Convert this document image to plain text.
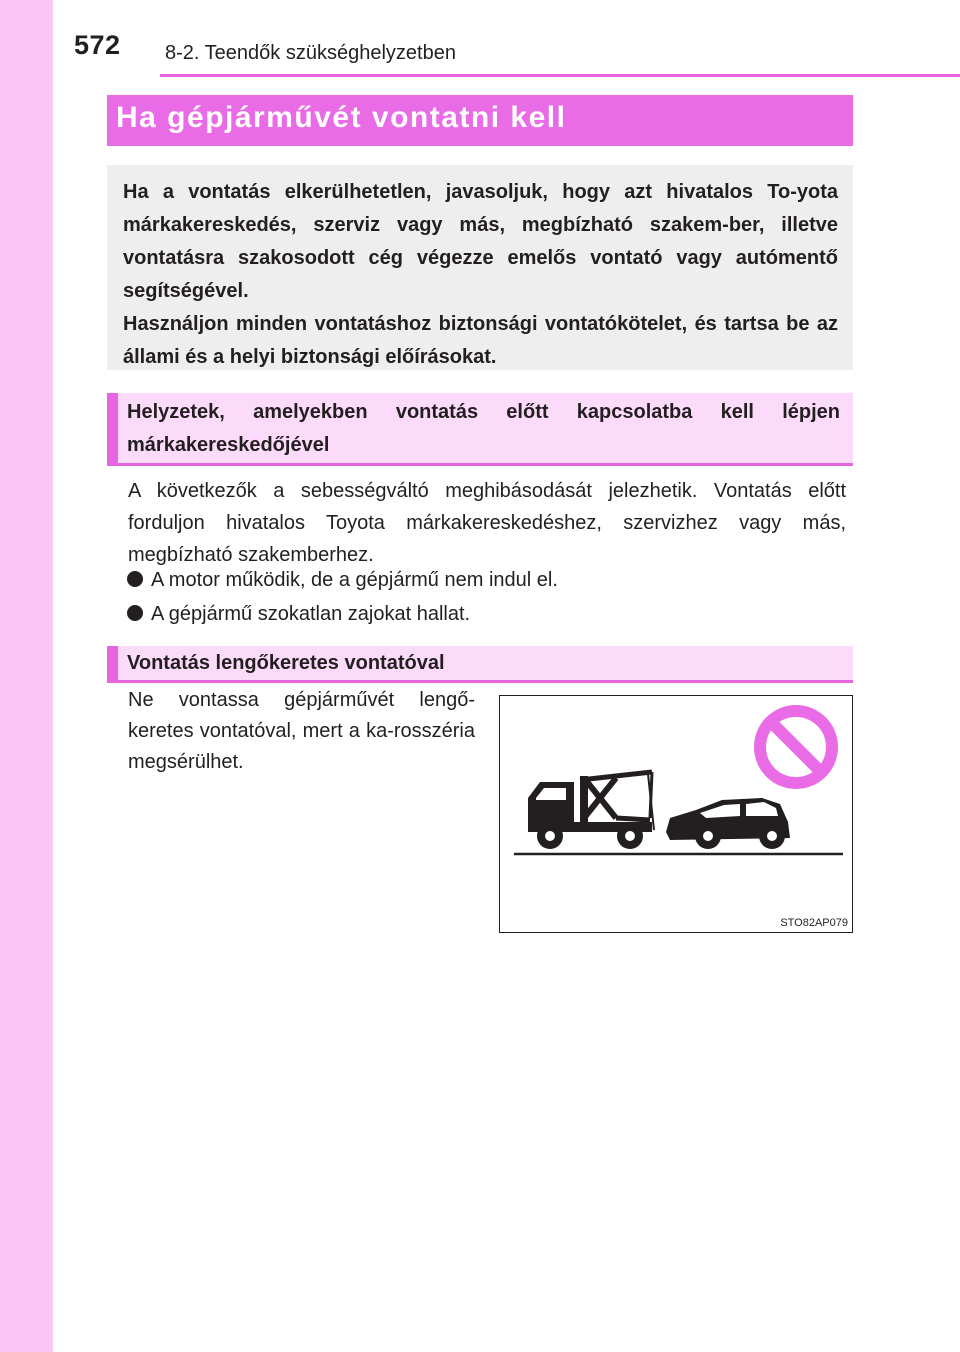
572 8-2. Teendők szükséghelyzetben
Ha gépjárművét vontatni kell

Ha a vontatás elkerülhetetlen, javasoljuk, hogy azt hivatalos To-yota márkakereskedés, szerviz vagy más, megbízható szakem-ber, illetve vontatásra szakosodott cég végezze emelős vontató vagy autómentő segítségével.

Használjon minden vontatáshoz biztonsági vontatókötelet, és tartsa be az állami és a helyi biztonsági előírásokat.

Helyzetek, amelyekben vontatás előtt kapcsolatba kell lépjen márkakereskedőjével

A következők a sebességváltó meghibásodását jelezhetik. Vontatás előtt forduljon hivatalos Toyota márkakereskedéshez, szervizhez vagy más, megbízható szakemberhez.

A motor működik, de a gépjármű nem indul el.
A gépjármű szokatlan zajokat hallat.
Vontatás lengőkeretes vontatóval

Ne vontassa gépjárművét lengő-keretes vontatóval, mert a ka-rosszéria megsérülhet.

STO82AP079
